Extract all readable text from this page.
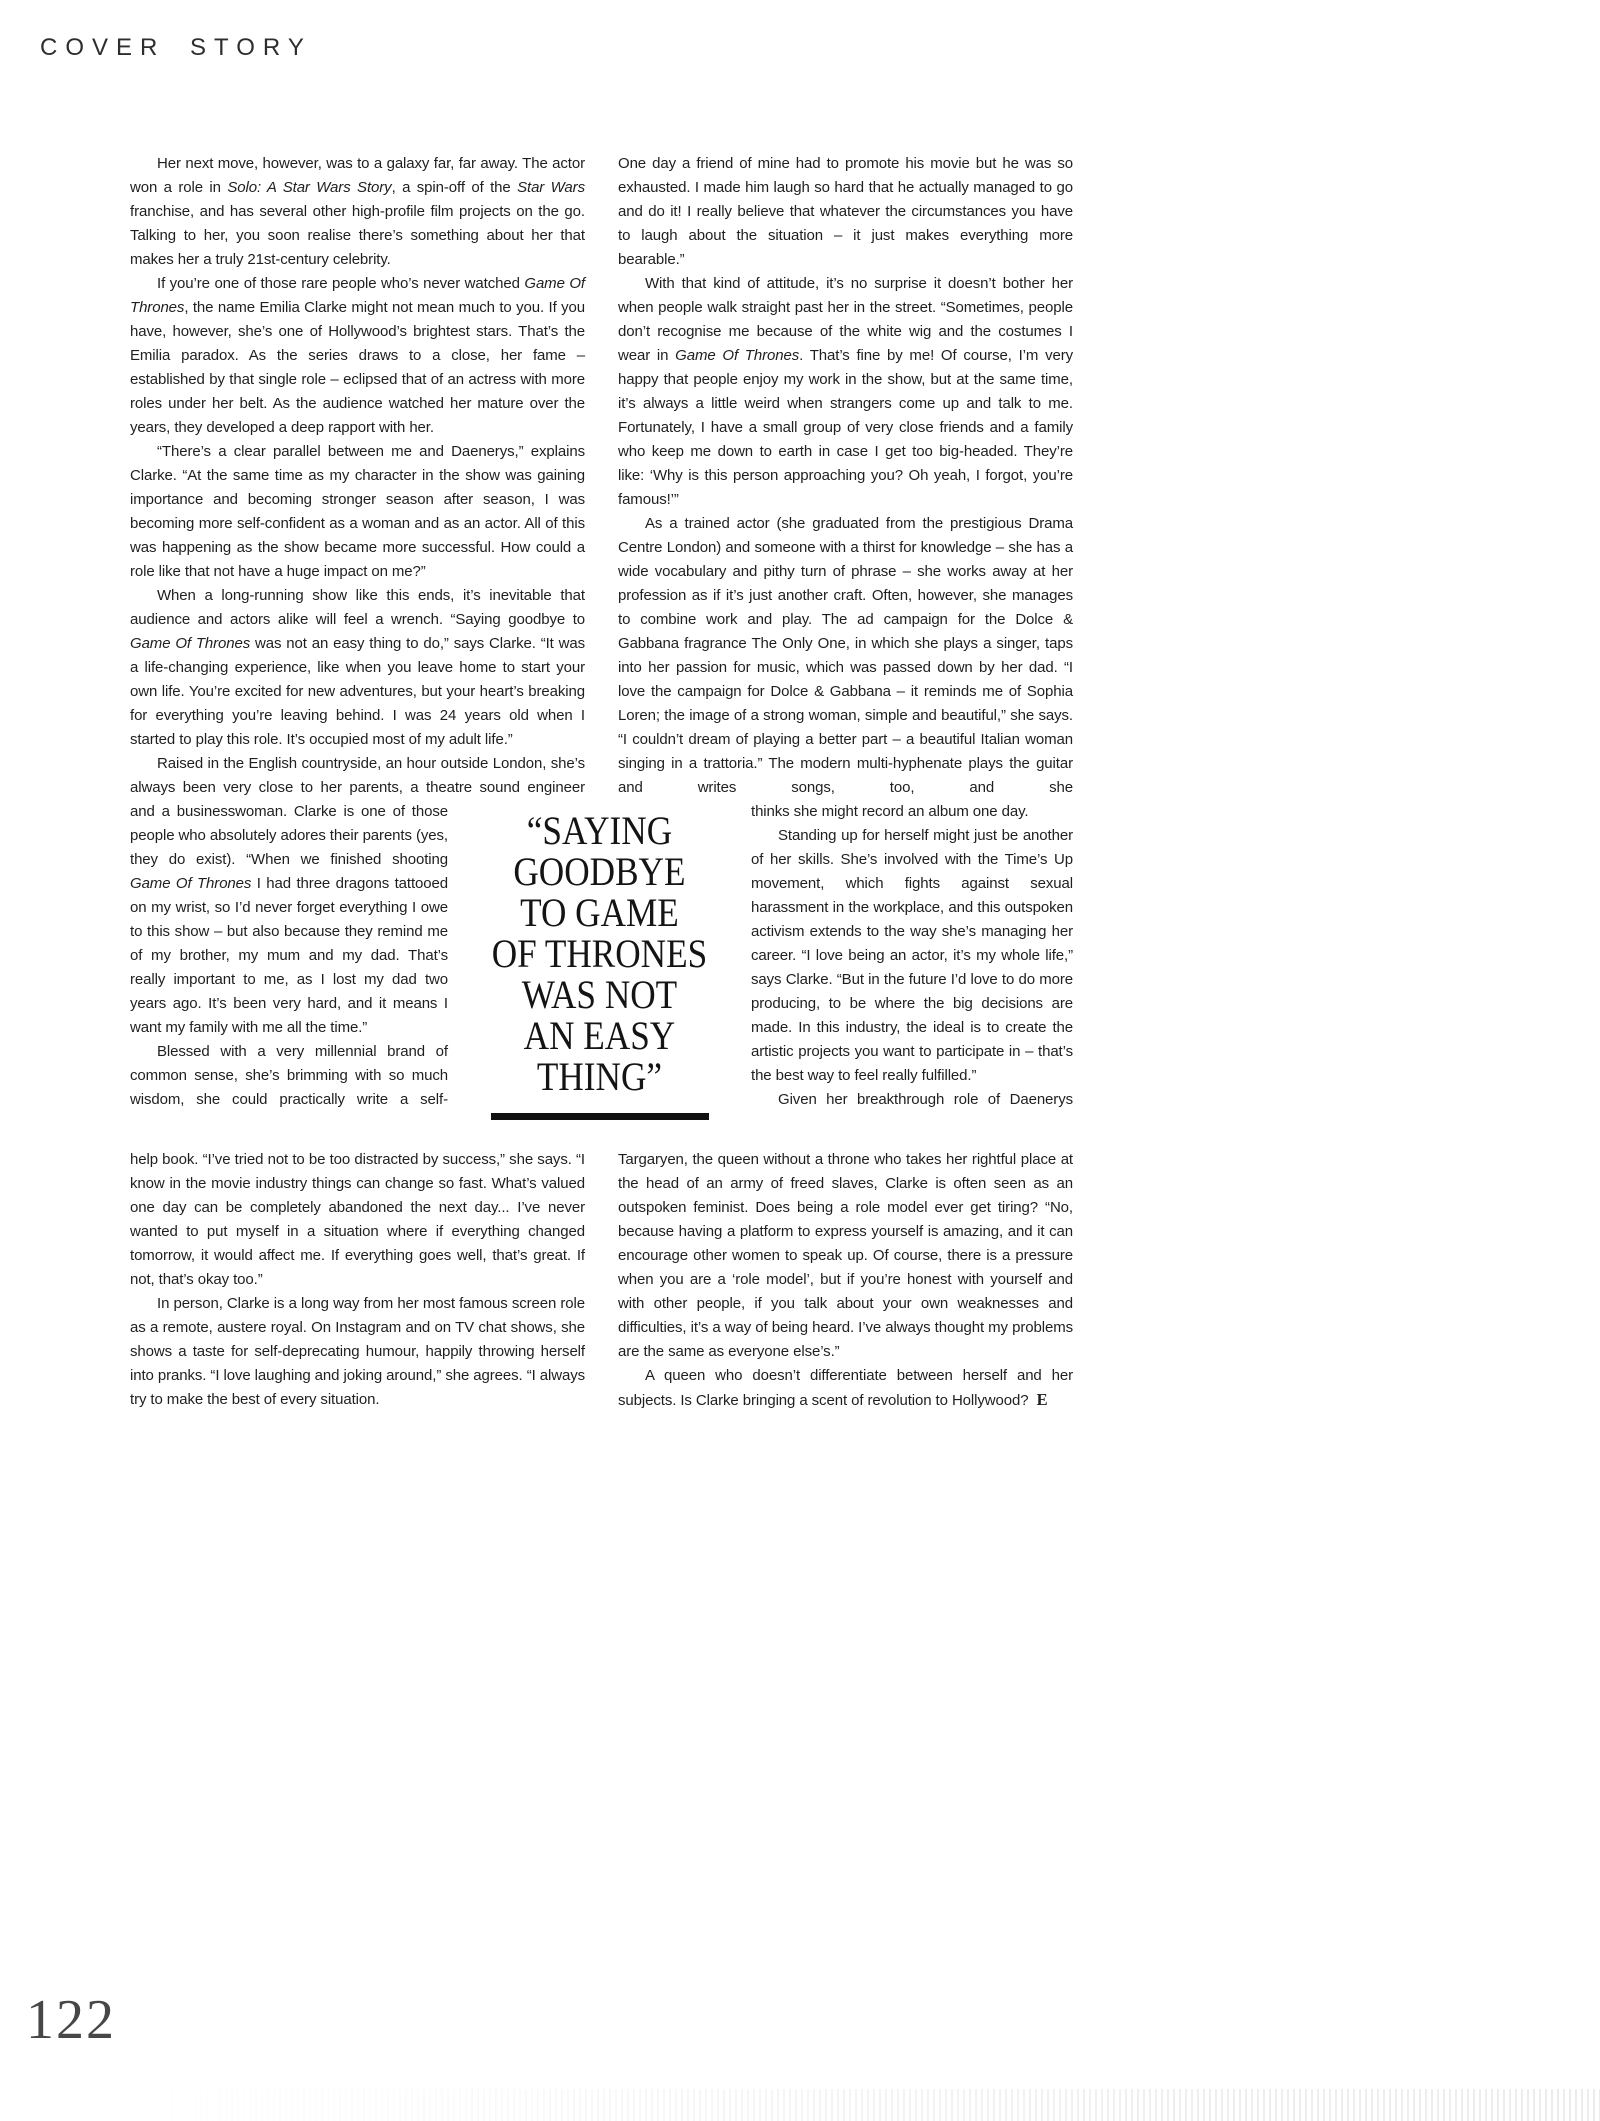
COVER STORY

Her next move, however, was to a galaxy far, far away. The actor won a role in Solo: A Star Wars Story, a spin-off of the Star Wars franchise, and has several other high-profile film projects on the go. Talking to her, you soon realise there’s something about her that makes her a truly 21st-century celebrity.

If you’re one of those rare people who’s never watched Game Of Thrones, the name Emilia Clarke might not mean much to you. If you have, however, she’s one of Hollywood’s brightest stars. That’s the Emilia paradox. As the series draws to a close, her fame – established by that single role – eclipsed that of an actress with more roles under her belt. As the audience watched her mature over the years, they developed a deep rapport with her.

“There’s a clear parallel between me and Daenerys,” explains Clarke. “At the same time as my character in the show was gaining importance and becoming stronger season after season, I was becoming more self-confident as a woman and as an actor. All of this was happening as the show became more successful. How could a role like that not have a huge impact on me?”

When a long-running show like this ends, it’s inevitable that audience and actors alike will feel a wrench. “Saying goodbye to Game Of Thrones was not an easy thing to do,” says Clarke. “It was a life-changing experience, like when you leave home to start your own life. You’re excited for new adventures, but your heart’s breaking for everything you’re leaving behind. I was 24 years old when I started to play this role. It’s occupied most of my adult life.”

Raised in the English countryside, an hour outside London, she’s always been very close to her parents, a theatre sound engineer

One day a friend of mine had to promote his movie but he was so exhausted. I made him laugh so hard that he actually managed to go and do it! I really believe that whatever the circumstances you have to laugh about the situation – it just makes everything more bearable.”

With that kind of attitude, it’s no surprise it doesn’t bother her when people walk straight past her in the street. “Sometimes, people don’t recognise me because of the white wig and the costumes I wear in Game Of Thrones. That’s fine by me! Of course, I’m very happy that people enjoy my work in the show, but at the same time, it’s always a little weird when strangers come up and talk to me. Fortunately, I have a small group of very close friends and a family who keep me down to earth in case I get too big-headed. They’re like: ‘Why is this person approaching you? Oh yeah, I forgot, you’re famous!’”

As a trained actor (she graduated from the prestigious Drama Centre London) and someone with a thirst for knowledge – she has a wide vocabulary and pithy turn of phrase – she works away at her profession as if it’s just another craft. Often, however, she manages to combine work and play. The ad campaign for the Dolce & Gabbana fragrance The Only One, in which she plays a singer, taps into her passion for music, which was passed down by her dad. “I love the campaign for Dolce & Gabbana – it reminds me of Sophia Loren; the image of a strong woman, simple and beautiful,” she says. “I couldn’t dream of playing a better part – a beautiful Italian woman singing in a trattoria.” The modern multi-hyphenate plays the guitar and writes songs, too, and she

and a businesswoman. Clarke is one of those people who absolutely adores their parents (yes, they do exist). “When we finished shooting Game Of Thrones I had three dragons tattooed on my wrist, so I’d never forget everything I owe to this show – but also because they remind me of my brother, my mum and my dad. That’s really important to me, as I lost my dad two years ago. It’s been very hard, and it means I want my family with me all the time.”

Blessed with a very millennial brand of common sense, she’s brimming with so much wisdom, she could practically write a self-

“SAYING
GOODBYE
TO GAME
OF THRONES
WAS NOT
AN EASY
THING”

thinks she might record an album one day.

Standing up for herself might just be another of her skills. She’s involved with the Time’s Up movement, which fights against sexual harassment in the workplace, and this outspoken activism extends to the way she’s managing her career. “I love being an actor, it’s my whole life,” says Clarke. “But in the future I’d love to do more producing, to be where the big decisions are made. In this industry, the ideal is to create the artistic projects you want to participate in – that’s the best way to feel really fulfilled.”

Given her breakthrough role of Daenerys

help book. “I’ve tried not to be too distracted by success,” she says. “I know in the movie industry things can change so fast. What’s valued one day can be completely abandoned the next day... I’ve never wanted to put myself in a situation where if everything changed tomorrow, it would affect me. If everything goes well, that’s great. If not, that’s okay too.”

In person, Clarke is a long way from her most famous screen role as a remote, austere royal. On Instagram and on TV chat shows, she shows a taste for self-deprecating humour, happily throwing herself into pranks. “I love laughing and joking around,” she agrees. “I always try to make the best of every situation.

Targaryen, the queen without a throne who takes her rightful place at the head of an army of freed slaves, Clarke is often seen as an outspoken feminist. Does being a role model ever get tiring? “No, because having a platform to express yourself is amazing, and it can encourage other women to speak up. Of course, there is a pressure when you are a ‘role model’, but if you’re honest with yourself and with other people, if you talk about your own weaknesses and difficulties, it’s a way of being heard. I’ve always thought my problems are the same as everyone else’s.”

A queen who doesn’t differentiate between herself and her subjects. Is Clarke bringing a scent of revolution to Hollywood? E

122
